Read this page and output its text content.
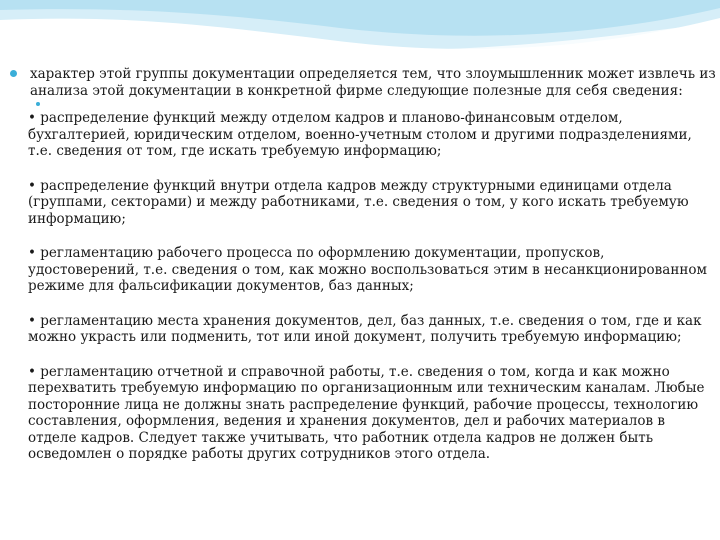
характер этой группы документации определяется тем, что злоумышленник может извлечь из анализа этой документации в конкретной фирме следующие полезные для себя сведения:

• распределение функций между отделом кадров и планово-финансовым отделом, бухгалтерией, юридическим отделом, военно-учетным столом и другими подразделениями, т.е. сведения от том, где искать требуемую информацию;

• распределение функций внутри отдела кадров между структурными единицами отдела (группами, секторами) и между работниками, т.е. сведения о том, у кого искать требуемую информацию;

• регламентацию рабочего процесса по оформлению документации, пропусков, удостоверений, т.е. сведения о том, как можно воспользоваться этим в несанкционированном режиме для фальсификации документов, баз данных;

• регламентацию места хранения документов, дел, баз данных, т.е. сведения о том, где и как можно украсть или подменить, тот или иной документ, получить требуемую информацию;

• регламентацию отчетной и справочной работы, т.е. сведения о том, когда и как можно перехватить требуемую информацию по организационным или техническим каналам. Любые посторонние лица не должны знать распределение функций, рабочие процессы, технологию составления, оформления, ведения и хранения документов, дел и рабочих материалов в отделе кадров. Следует также учитывать, что работник отдела кадров не должен быть осведомлен о порядке работы других сотрудников этого отдела.
